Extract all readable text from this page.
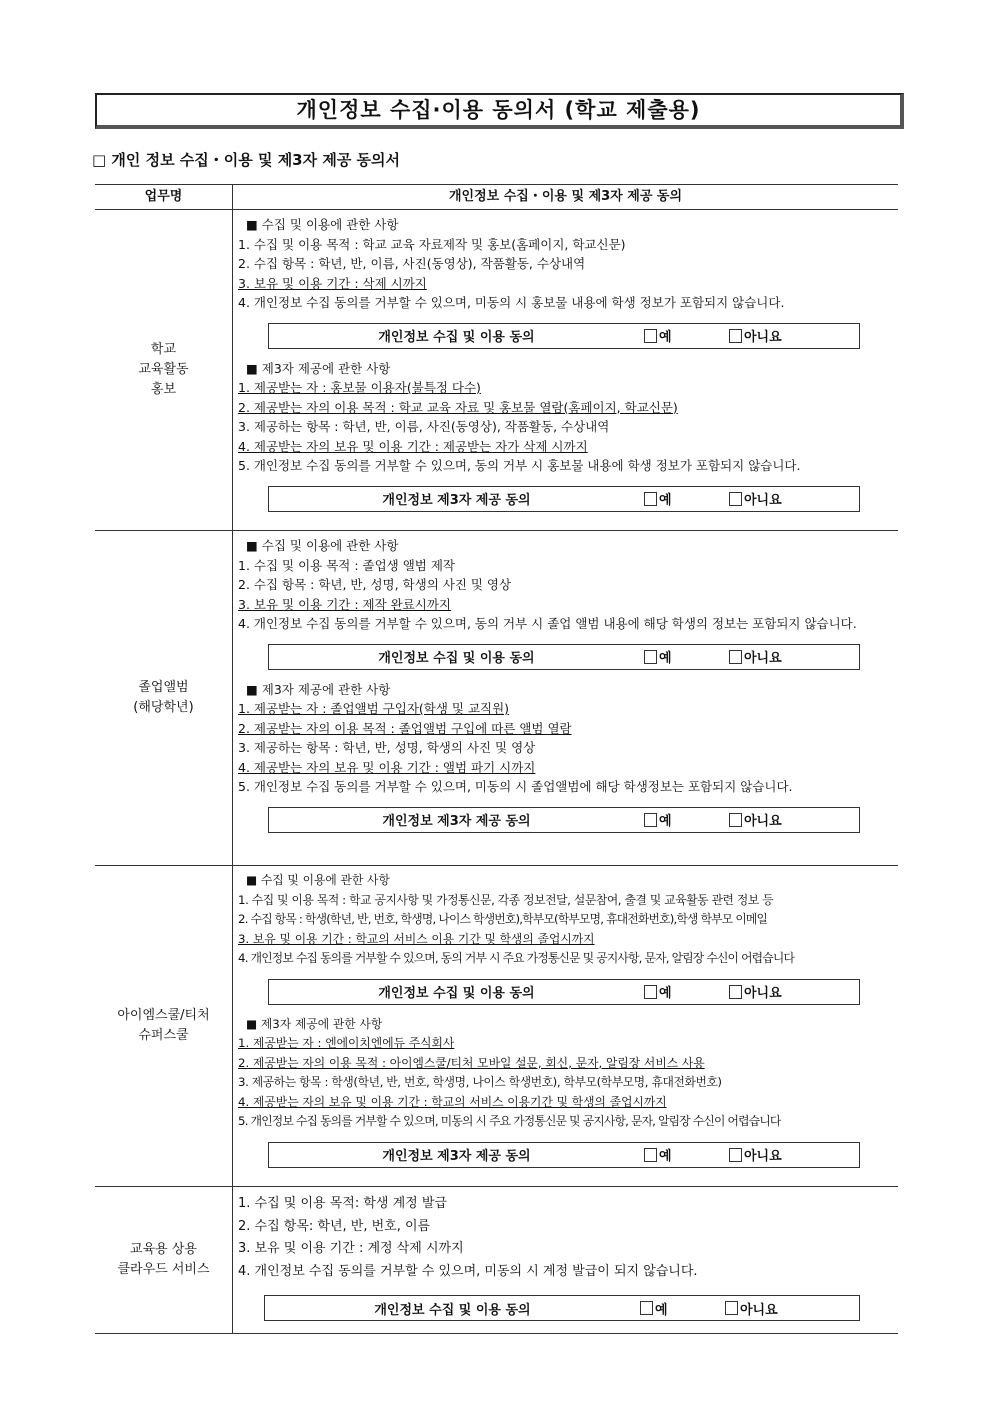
개인정보 수집·이용 동의서 (학교 제출용)
□ 개인 정보 수집・이용 및 제3자 제공 동의서
업무명	개인정보 수집・이용 및 제3자 제공 동의
학교
교육활동
홍보
■ 수집 및 이용에 관한 사항
1. 수집 및 이용 목적 : 학교 교육 자료제작 및 홍보(홈페이지, 학교신문)
2. 수집 항목 : 학년, 반, 이름, 사진(동영상), 작품활동, 수상내역
3. 보유 및 이용 기간 : 삭제 시까지
4. 개인정보 수집 동의를 거부할 수 있으며, 미동의 시 홍보물 내용에 학생 정보가 포함되지 않습니다.
개인정보 수집 및 이용 동의	예	아니요
■ 제3자 제공에 관한 사항
1. 제공받는 자 : 홍보물 이용자(불특정 다수)
2. 제공받는 자의 이용 목적 : 학교 교육 자료 및 홍보물 열람(홈페이지, 학교신문)
3. 제공하는 항목 : 학년, 반, 이름, 사진(동영상), 작품활동, 수상내역
4. 제공받는 자의 보유 및 이용 기간 : 제공받는 자가 삭제 시까지
5. 개인정보 수집 동의를 거부할 수 있으며, 동의 거부 시 홍보물 내용에 학생 정보가 포함되지 않습니다.
개인정보 제3자 제공 동의	예	아니요
졸업앨범
(해당학년)
■ 수집 및 이용에 관한 사항
1. 수집 및 이용 목적 : 졸업생 앨범 제작
2. 수집 항목 : 학년, 반, 성명, 학생의 사진 및 영상
3. 보유 및 이용 기간 : 제작 완료시까지
4. 개인정보 수집 동의를 거부할 수 있으며, 동의 거부 시 졸업 앨범 내용에 해당 학생의 정보는 포함되지 않습니다.
개인정보 수집 및 이용 동의	예	아니요
■ 제3자 제공에 관한 사항
1. 제공받는 자 : 졸업앨범 구입자(학생 및 교직원)
2. 제공받는 자의 이용 목적 : 졸업앨범 구입에 따른 앨범 열람
3. 제공하는 항목 : 학년, 반, 성명, 학생의 사진 및 영상
4. 제공받는 자의 보유 및 이용 기간 : 앨범 파기 시까지
5. 개인정보 수집 동의를 거부할 수 있으며, 미동의 시 졸업앨범에 해당 학생정보는 포함되지 않습니다.
개인정보 제3자 제공 동의	예	아니요
아이엠스쿨/티처
슈퍼스쿨
■ 수집 및 이용에 관한 사항
1. 수집 및 이용 목적 : 학교 공지사항 및 가정통신문, 각종 정보전달, 설문참여, 출결 및 교육활동 관련 정보 등
2. 수집 항목 : 학생(학년, 반, 번호, 학생명, 나이스 학생번호),학부모(학부모명, 휴대전화번호),학생 학부모 이메일
3. 보유 및 이용 기간 : 학교의 서비스 이용 기간 및 학생의 졸업시까지
4. 개인정보 수집 동의를 거부할 수 있으며, 동의 거부 시 주요 가정통신문 및 공지사항, 문자, 알림장 수신이 어렵습니다
개인정보 수집 및 이용 동의	예	아니요
■ 제3자 제공에 관한 사항
1. 제공받는 자 : 엔에이치엔에듀 주식회사
2. 제공받는 자의 이용 목적 : 아이엠스쿨/티처 모바일 설문, 회신, 문자, 알림장 서비스 사용
3. 제공하는 항목 : 학생(학년, 반, 번호, 학생명, 나이스 학생번호), 학부모(학부모명, 휴대전화번호)
4. 제공받는 자의 보유 및 이용 기간 : 학교의 서비스 이용기간 및 학생의 졸업시까지
5. 개인정보 수집 동의를 거부할 수 있으며, 미동의 시 주요 가정통신문 및 공지사항, 문자, 알림장 수신이 어렵습니다
개인정보 제3자 제공 동의	예	아니요
교육용 상용
클라우드 서비스
1. 수집 및 이용 목적: 학생 계정 발급
2. 수집 항목: 학년, 반, 번호, 이름
3. 보유 및 이용 기간 : 계정 삭제 시까지
4. 개인정보 수집 동의를 거부할 수 있으며, 미동의 시 계정 발급이 되지 않습니다.
개인정보 수집 및 이용 동의	예	아니요
